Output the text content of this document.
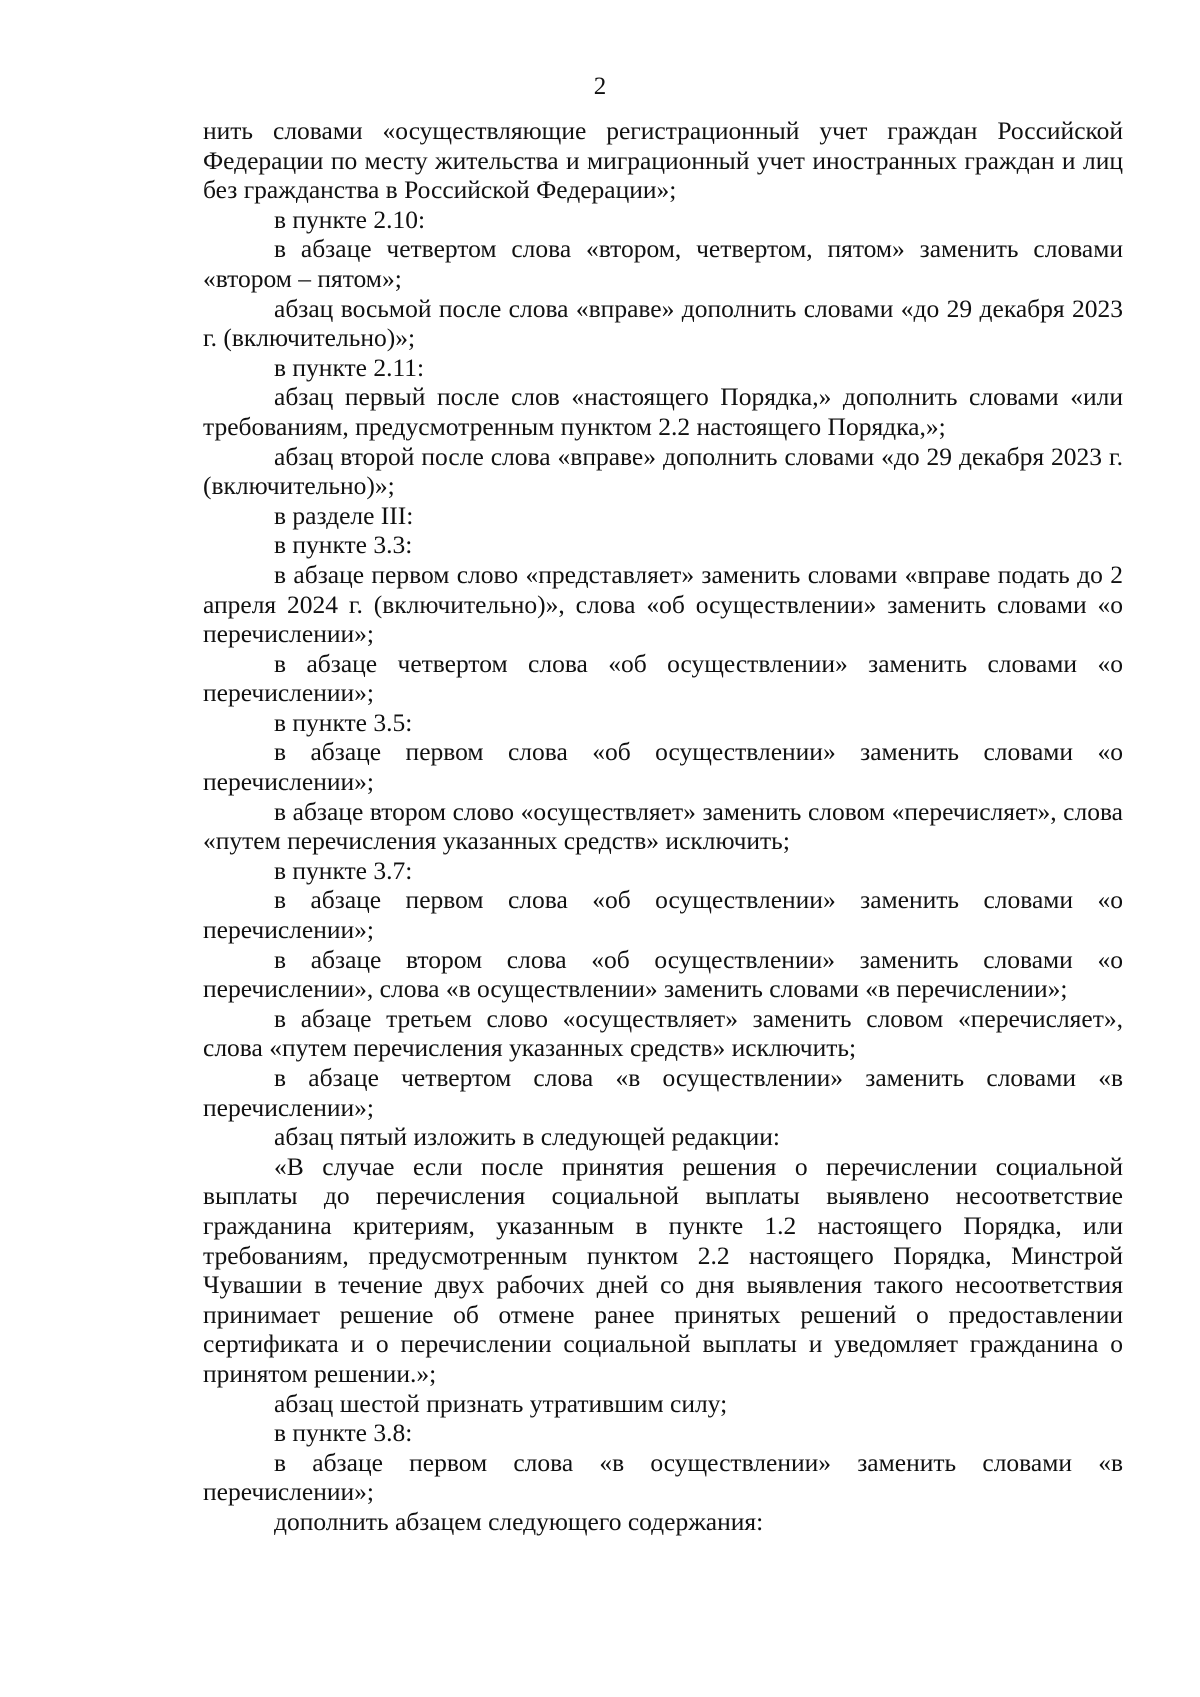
2

нить словами «осуществляющие регистрационный учет граждан Российской Федерации по месту жительства и миграционный учет иностранных граждан и лиц без гражданства в Российской Федерации»;

в пункте 2.10:

в абзаце четвертом слова «втором, четвертом, пятом» заменить словами «втором – пятом»;

абзац восьмой после слова «вправе» дополнить словами «до 29 декабря 2023 г. (включительно)»;

в пункте 2.11:

абзац первый после слов «настоящего Порядка,» дополнить словами «или требованиям, предусмотренным пунктом 2.2 настоящего Порядка,»;

абзац второй после слова «вправе» дополнить словами «до 29 декабря 2023 г. (включительно)»;

в разделе III:

в пункте 3.3:

в абзаце первом слово «представляет» заменить словами «вправе подать до 2 апреля 2024 г. (включительно)», слова «об осуществлении» заменить словами «о перечислении»;

в абзаце четвертом слова «об осуществлении» заменить словами «о перечислении»;

в пункте 3.5:

в абзаце первом слова «об осуществлении» заменить словами «о перечислении»;

в абзаце втором слово «осуществляет» заменить словом «перечисляет», слова «путем перечисления указанных средств» исключить;

в пункте 3.7:

в абзаце первом слова «об осуществлении» заменить словами «о перечислении»;

в абзаце втором слова «об осуществлении» заменить словами «о перечислении», слова «в осуществлении» заменить словами «в перечислении»;

в абзаце третьем слово «осуществляет» заменить словом «перечисляет», слова «путем перечисления указанных средств» исключить;

в абзаце четвертом слова «в осуществлении» заменить словами «в перечислении»;

абзац пятый изложить в следующей редакции:

«В случае если после принятия решения о перечислении социальной выплаты до перечисления социальной выплаты выявлено несоответствие гражданина критериям, указанным в пункте 1.2 настоящего Порядка, или требованиям, предусмотренным пунктом 2.2 настоящего Порядка, Минстрой Чувашии в течение двух рабочих дней со дня выявления такого несоответствия принимает решение об отмене ранее принятых решений о предоставлении сертификата и о перечислении социальной выплаты и уведомляет гражданина о принятом решении.»;

абзац шестой признать утратившим силу;

в пункте 3.8:

в абзаце первом слова «в осуществлении» заменить словами «в перечислении»;

дополнить абзацем следующего содержания:
